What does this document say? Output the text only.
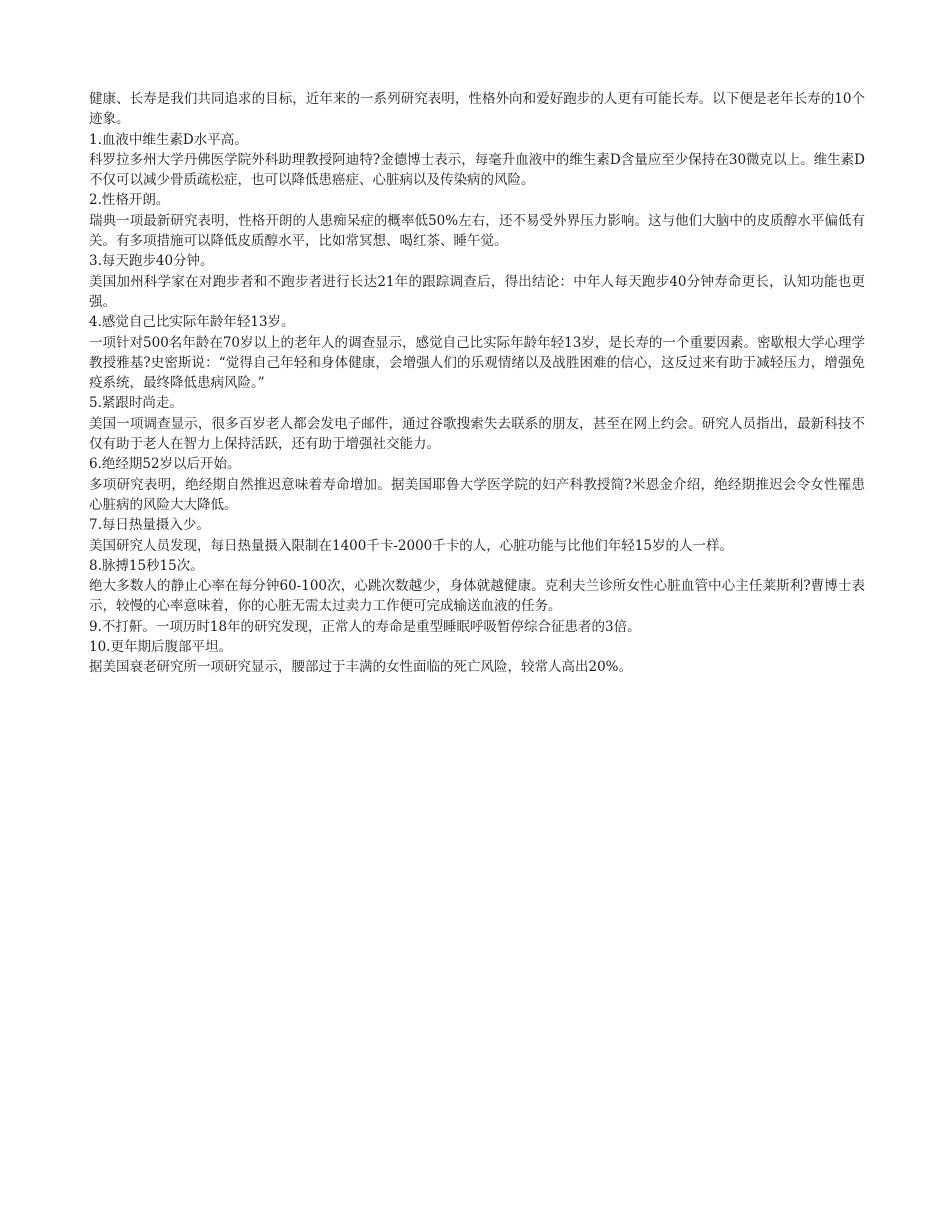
健康、长寿是我们共同追求的目标，近年来的一系列研究表明，性格外向和爱好跑步的人更有可能长寿。以下便是老年长寿的10个迹象。

1.血液中维生素D水平高。

科罗拉多州大学丹佛医学院外科助理教授阿迪特?金德博士表示，每毫升血液中的维生素D含量应至少保持在30微克以上。维生素D不仅可以减少骨质疏松症，也可以降低患癌症、心脏病以及传染病的风险。

2.性格开朗。

瑞典一项最新研究表明，性格开朗的人患痴呆症的概率低50%左右，还不易受外界压力影响。这与他们大脑中的皮质醇水平偏低有关。有多项措施可以降低皮质醇水平，比如常冥想、喝红茶、睡午觉。

3.每天跑步40分钟。

美国加州科学家在对跑步者和不跑步者进行长达21年的跟踪调查后，得出结论：中年人每天跑步40分钟寿命更长，认知功能也更强。

4.感觉自己比实际年龄年轻13岁。

一项针对500名年龄在70岁以上的老年人的调查显示，感觉自己比实际年龄年轻13岁，是长寿的一个重要因素。密歇根大学心理学教授雅基?史密斯说：“觉得自己年轻和身体健康，会增强人们的乐观情绪以及战胜困难的信心，这反过来有助于减轻压力，增强免疫系统，最终降低患病风险。”

5.紧跟时尚走。

美国一项调查显示，很多百岁老人都会发电子邮件，通过谷歌搜索失去联系的朋友，甚至在网上约会。研究人员指出，最新科技不仅有助于老人在智力上保持活跃，还有助于增强社交能力。

6.绝经期52岁以后开始。

多项研究表明，绝经期自然推迟意味着寿命增加。据美国耶鲁大学医学院的妇产科教授简?米恩金介绍，绝经期推迟会令女性罹患心脏病的风险大大降低。

7.每日热量摄入少。

美国研究人员发现，每日热量摄入限制在1400千卡-2000千卡的人，心脏功能与比他们年轻15岁的人一样。

8.脉搏15秒15次。

绝大多数人的静止心率在每分钟60-100次，心跳次数越少，身体就越健康。克利夫兰诊所女性心脏血管中心主任莱斯利?曹博士表示，较慢的心率意味着，你的心脏无需太过卖力工作便可完成输送血液的任务。

9.不打鼾。一项历时18年的研究发现，正常人的寿命是重型睡眠呼吸暂停综合征患者的3倍。

10.更年期后腹部平坦。

据美国衰老研究所一项研究显示，腰部过于丰满的女性面临的死亡风险，较常人高出20%。
